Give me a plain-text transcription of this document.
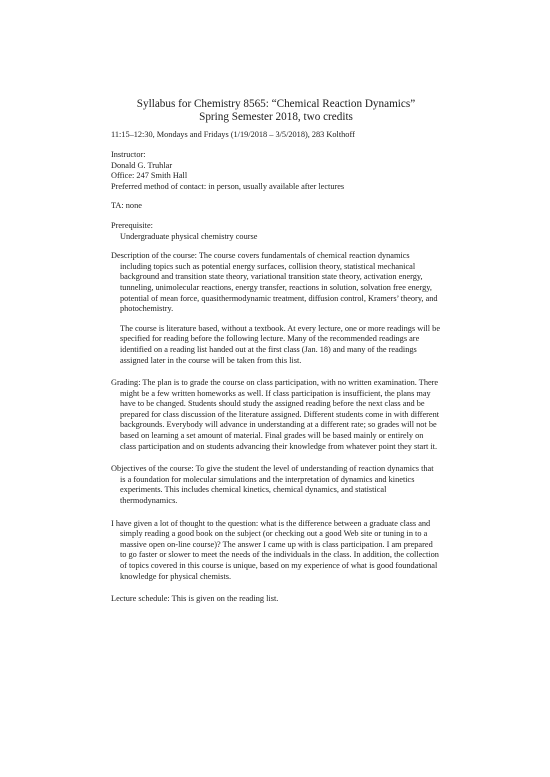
Syllabus for Chemistry 8565: “Chemical Reaction Dynamics”
Spring Semester 2018, two credits
11:15–12:30, Mondays and Fridays (1/19/2018 – 3/5/2018), 283 Kolthoff
Instructor:
Donald G. Truhlar
Office: 247 Smith Hall
Preferred method of contact: in person, usually available after lectures
TA: none
Prerequisite:
Undergraduate physical chemistry course

Description of the course: The course covers fundamentals of chemical reaction dynamics including topics such as potential energy surfaces, collision theory, statistical mechanical background and transition state theory, variational transition state theory, activation energy, tunneling, unimolecular reactions, energy transfer, reactions in solution, solvation free energy, potential of mean force, quasithermodynamic treatment, diffusion control, Kramers’ theory, and photochemistry.

The course is literature based, without a textbook. At every lecture, one or more readings will be specified for reading before the following lecture. Many of the recommended readings are identified on a reading list handed out at the first class (Jan. 18) and many of the readings assigned later in the course will be taken from this list.

Grading: The plan is to grade the course on class participation, with no written examination. There might be a few written homeworks as well. If class participation is insufficient, the plans may have to be changed. Students should study the assigned reading before the next class and be prepared for class discussion of the literature assigned. Different students come in with different backgrounds. Everybody will advance in understanding at a different rate; so grades will not be based on learning a set amount of material. Final grades will be based mainly or entirely on class participation and on students advancing their knowledge from whatever point they start it.

Objectives of the course: To give the student the level of understanding of reaction dynamics that is a foundation for molecular simulations and the interpretation of dynamics and kinetics experiments. This includes chemical kinetics, chemical dynamics, and statistical thermodynamics.

I have given a lot of thought to the question: what is the difference between a graduate class and simply reading a good book on the subject (or checking out a good Web site or tuning in to a massive open on-line course)? The answer I came up with is class participation. I am prepared to go faster or slower to meet the needs of the individuals in the class. In addition, the collection of topics covered in this course is unique, based on my experience of what is good foundational knowledge for physical chemists.

Lecture schedule: This is given on the reading list.
